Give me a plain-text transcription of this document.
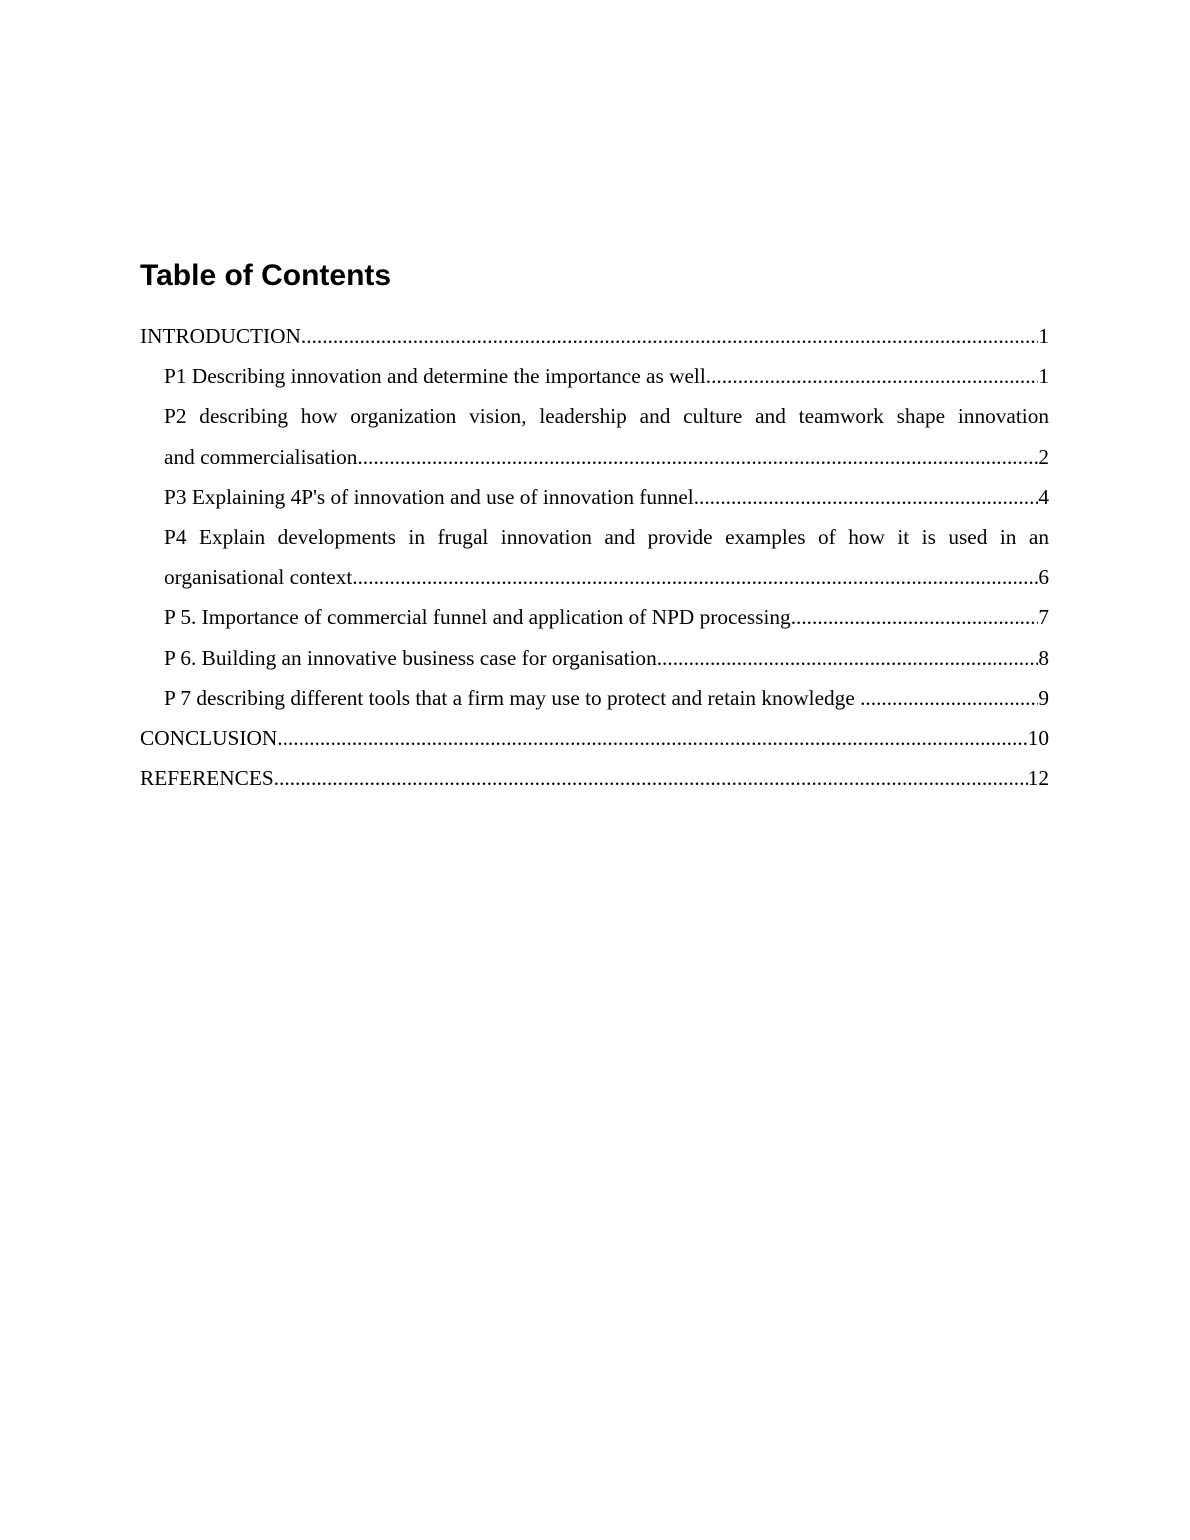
Table of Contents
INTRODUCTION .....	1
P1 Describing innovation and determine the importance as well .....	1
P2 describing how organization vision, leadership and culture and teamwork shape innovation
and commercialisation .....	2
P3 Explaining 4P's of innovation and use of innovation funnel .....	4
P4 Explain developments in frugal innovation and provide examples of how it is used in an
organisational context .....	6
P 5. Importance of commercial funnel and application of NPD processing .....	7
P 6. Building an innovative business case for organisation .....	8
P 7 describing different tools that a firm may use to protect and retain knowledge .....	9
CONCLUSION .....	10
REFERENCES .....	12
